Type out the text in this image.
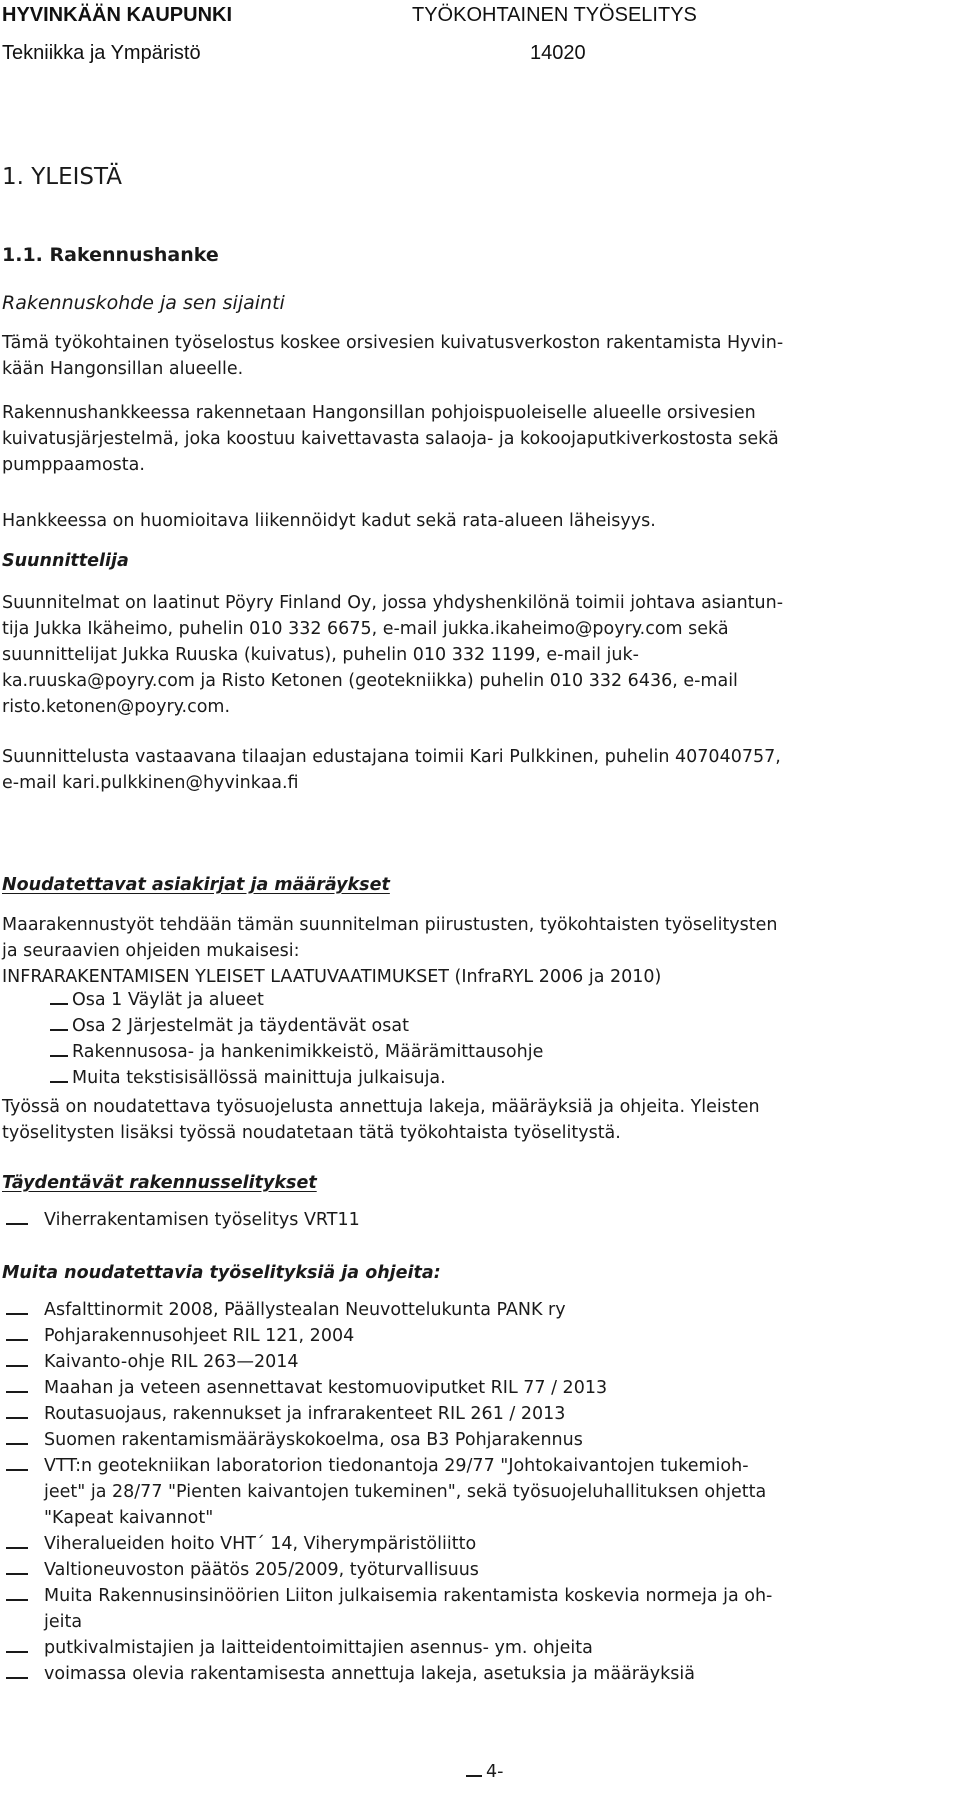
HYVINKÄÄN KAUPUNKI
Tekniikka ja Ympäristö
TYÖKOHTAINEN TYÖSELITYS
14020
1. YLEISTÄ
1.1. Rakennushanke
Rakennuskohde ja sen sijainti
Tämä työkohtainen työselostus koskee orsivesien kuivatusverkoston rakentamista Hyvin-
kään Hangonsillan alueelle.
Rakennushankkeessa rakennetaan Hangonsillan pohjoispuoleiselle alueelle orsivesien
kuivatusjärjestelmä, joka koostuu kaivettavasta salaoja- ja kokoojaputkiverkostosta sekä
pumppaamosta.
Hankkeessa on huomioitava liikennöidyt kadut sekä rata-alueen läheisyys.
Suunnittelija
Suunnitelmat on laatinut Pöyry Finland Oy, jossa yhdyshenkilönä toimii johtava asiantun-
tija Jukka Ikäheimo, puhelin 010 332 6675, e-mail jukka.ikaheimo@poyry.com sekä
suunnittelijat Jukka Ruuska (kuivatus), puhelin 010 332 1199, e-mail juk-
ka.ruuska@poyry.com ja Risto Ketonen (geotekniikka) puhelin 010 332 6436, e-mail
risto.ketonen@poyry.com.
Suunnittelusta vastaavana tilaajan edustajana toimii Kari Pulkkinen, puhelin 407040757,
e-mail kari.pulkkinen@hyvinkaa.fi
Noudatettavat asiakirjat ja määräykset
Maarakennustyöt tehdään tämän suunnitelman piirustusten, työkohtaisten työselitysten
ja seuraavien ohjeiden mukaisesi:
INFRARAKENTAMISEN YLEISET LAATUVAATIMUKSET (InfraRYL 2006 ja 2010)
Osa 1 Väylät ja alueet
Osa 2 Järjestelmät ja täydentävät osat
Rakennusosa- ja hankenimikkeistö, Määrämittausohje
Muita tekstisisällössä mainittuja julkaisuja.
Työssä on noudatettava työsuojelusta annettuja lakeja, määräyksiä ja ohjeita. Yleisten
työselitysten lisäksi työssä noudatetaan tätä työkohtaista työselitystä.
Täydentävät rakennusselitykset
Viherrakentamisen työselitys VRT11
Muita noudatettavia työselityksiä ja ohjeita:
Asfalttinormit 2008, Päällystealan Neuvottelukunta PANK ry
Pohjarakennusohjeet RIL 121, 2004
Kaivanto-ohje RIL 263—2014
Maahan ja veteen asennettavat kestomuoviputket RIL 77 / 2013
Routasuojaus, rakennukset ja infrarakenteet RIL 261 / 2013
Suomen rakentamismääräyskokoelma, osa B3 Pohjarakennus
VTT:n geotekniikan laboratorion tiedonantoja 29/77 "Johtokaivantojen tukemioh-
jeet" ja 28/77 "Pienten kaivantojen tukeminen", sekä työsuojeluhallituksen ohjetta
"Kapeat kaivannot"
Viheralueiden hoito VHT´ 14, Viherympäristöliitto
Valtioneuvoston päätös 205/2009, työturvallisuus
Muita Rakennusinsinöörien Liiton julkaisemia rakentamista koskevia normeja ja oh-
jeita
putkivalmistajien ja laitteidentoimittajien asennus- ym. ohjeita
voimassa olevia rakentamisesta annettuja lakeja, asetuksia ja määräyksiä
4-
